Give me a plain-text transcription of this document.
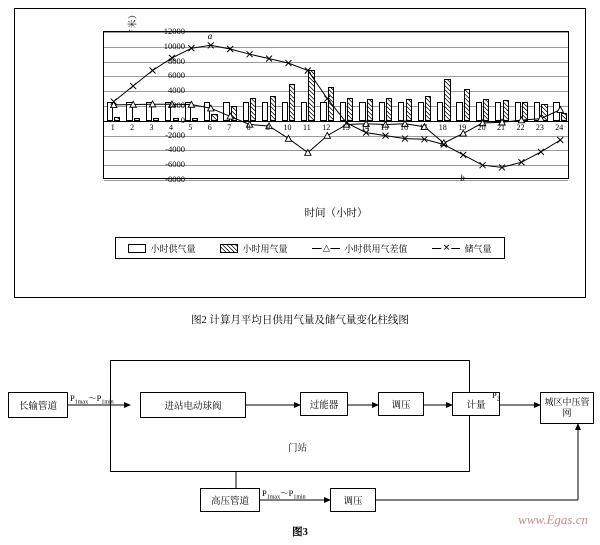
-8000
-6000
-4000
-2000
0
2000
4000
6000
8000
10000
12000
1 2 3 4 5 6 7 8 9 10 11 12 13 14 15 16 17 18 19 20 21 22 23 24
时间（小时）
a
b
小时供气量	小时用气量	△ 小时供用气差值	✕ 储气量
图2 计算月平均日供用气量及储气量变化柱线图
长输管道	进站电动球阀	过能器	调压	计量	城区中压管网
高压管道	调压
$P_{1max}\sim P_{1min}$
$P_2$
门站
$P_{1max}\sim P_{1min}$
图3
www.Egas.cn
